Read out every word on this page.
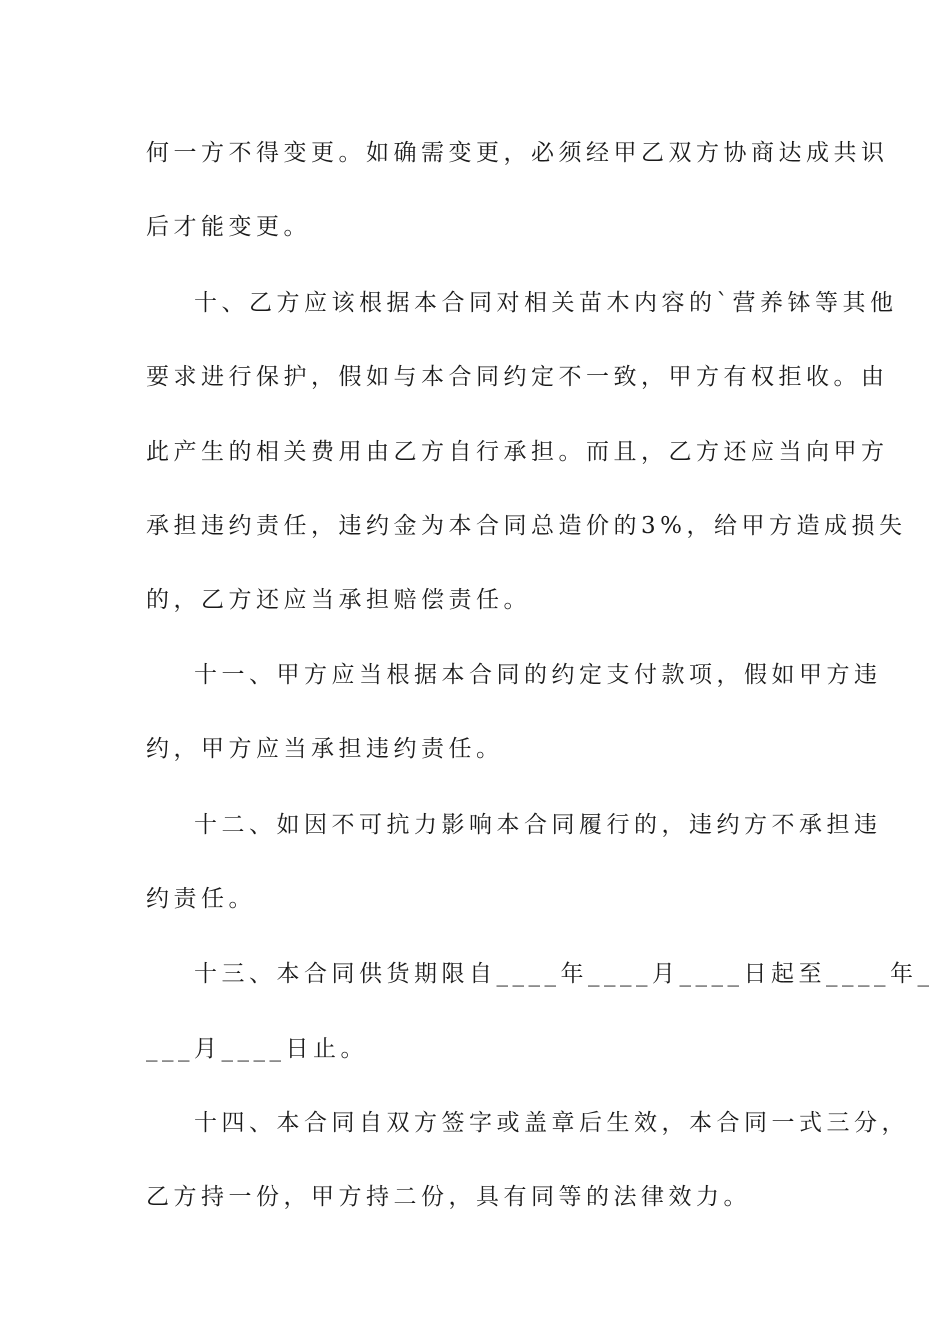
何一方不得变更。如确需变更，必须经甲乙双方协商达成共识
后才能变更。
十、乙方应该根据本合同对相关苗木内容的`营养钵等其他
要求进行保护，假如与本合同约定不一致，甲方有权拒收。由
此产生的相关费用由乙方自行承担。而且，乙方还应当向甲方
承担违约责任，违约金为本合同总造价的3%，给甲方造成损失
的，乙方还应当承担赔偿责任。
十一、甲方应当根据本合同的约定支付款项，假如甲方违
约，甲方应当承担违约责任。
十二、如因不可抗力影响本合同履行的，违约方不承担违
约责任。
十三、本合同供货期限自____年____月____日起至____年_
___月____日止。
十四、本合同自双方签字或盖章后生效，本合同一式三分，
乙方持一份，甲方持二份，具有同等的法律效力。
